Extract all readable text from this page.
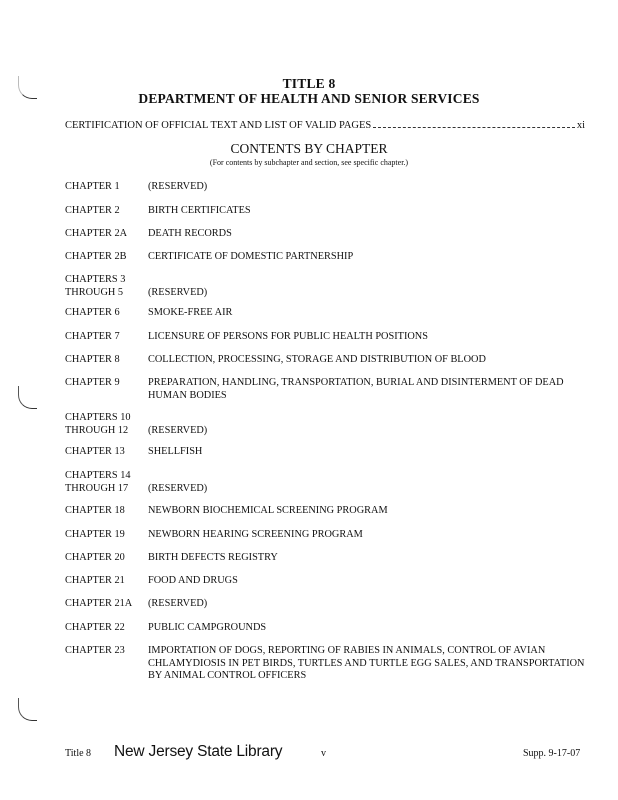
TITLE 8
DEPARTMENT OF HEALTH AND SENIOR SERVICES
CERTIFICATION OF OFFICIAL TEXT AND LIST OF VALID PAGES	xi
CONTENTS BY CHAPTER
(For contents by subchapter and section, see specific chapter.)
CHAPTER 1	(RESERVED)
CHAPTER 2	BIRTH CERTIFICATES
CHAPTER 2A	DEATH RECORDS
CHAPTER 2B	CERTIFICATE OF DOMESTIC PARTNERSHIP
CHAPTERS 3
THROUGH 5	(RESERVED)
CHAPTER 6	SMOKE-FREE AIR
CHAPTER 7	LICENSURE OF PERSONS FOR PUBLIC HEALTH POSITIONS
CHAPTER 8	COLLECTION, PROCESSING, STORAGE AND DISTRIBUTION OF BLOOD
CHAPTER 9	PREPARATION, HANDLING, TRANSPORTATION, BURIAL AND DISINTERMENT OF DEAD HUMAN BODIES
CHAPTERS 10
THROUGH 12	(RESERVED)
CHAPTER 13	SHELLFISH
CHAPTERS 14
THROUGH 17	(RESERVED)
CHAPTER 18	NEWBORN BIOCHEMICAL SCREENING PROGRAM
CHAPTER 19	NEWBORN HEARING SCREENING PROGRAM
CHAPTER 20	BIRTH DEFECTS REGISTRY
CHAPTER 21	FOOD AND DRUGS
CHAPTER 21A	(RESERVED)
CHAPTER 22	PUBLIC CAMPGROUNDS
CHAPTER 23	IMPORTATION OF DOGS, REPORTING OF RABIES IN ANIMALS, CONTROL OF AVIAN CHLAMYDIOSIS IN PET BIRDS, TURTLES AND TURTLE EGG SALES, AND TRANSPORTATION BY ANIMAL CONTROL OFFICERS
Title 8 New Jersey State Library	v	Supp. 9-17-07
